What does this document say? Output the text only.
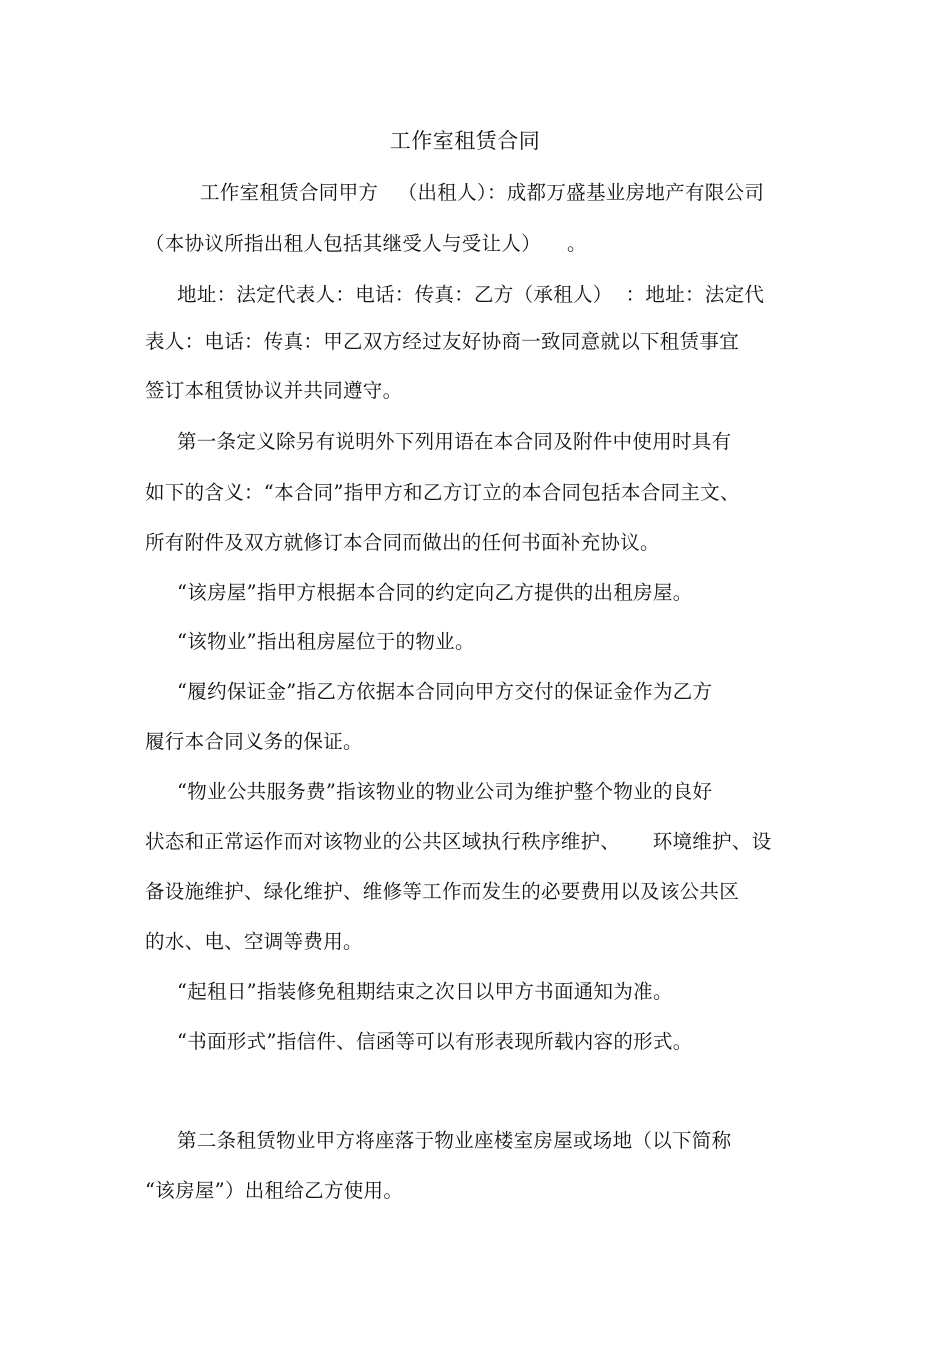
工作室租赁合同
工作室租赁合同甲方   （出租人）：成都万盛基业房地产有限公司
（本协议所指出租人包括其继受人与受让人）    。
地址：法定代表人：电话：传真：乙方（承租人）  ：地址：法定代
表人：电话：传真：甲乙双方经过友好协商一致同意就以下租赁事宜
签订本租赁协议并共同遵守。
第一条定义除另有说明外下列用语在本合同及附件中使用时具有
如下的含义：“本合同”指甲方和乙方订立的本合同包括本合同主文、
所有附件及双方就修订本合同而做出的任何书面补充协议。
“该房屋”指甲方根据本合同的约定向乙方提供的出租房屋。
“该物业”指出租房屋位于的物业。
“履约保证金”指乙方依据本合同向甲方交付的保证金作为乙方
履行本合同义务的保证。
“物业公共服务费”指该物业的物业公司为维护整个物业的良好
状态和正常运作而对该物业的公共区域执行秩序维护、     环境维护、设
备设施维护、绿化维护、维修等工作而发生的必要费用以及该公共区
的水、电、空调等费用。
“起租日”指装修免租期结束之次日以甲方书面通知为准。
“书面形式”指信件、信函等可以有形表现所载内容的形式。
第二条租赁物业甲方将座落于物业座楼室房屋或场地（以下简称
“该房屋”）出租给乙方使用。
